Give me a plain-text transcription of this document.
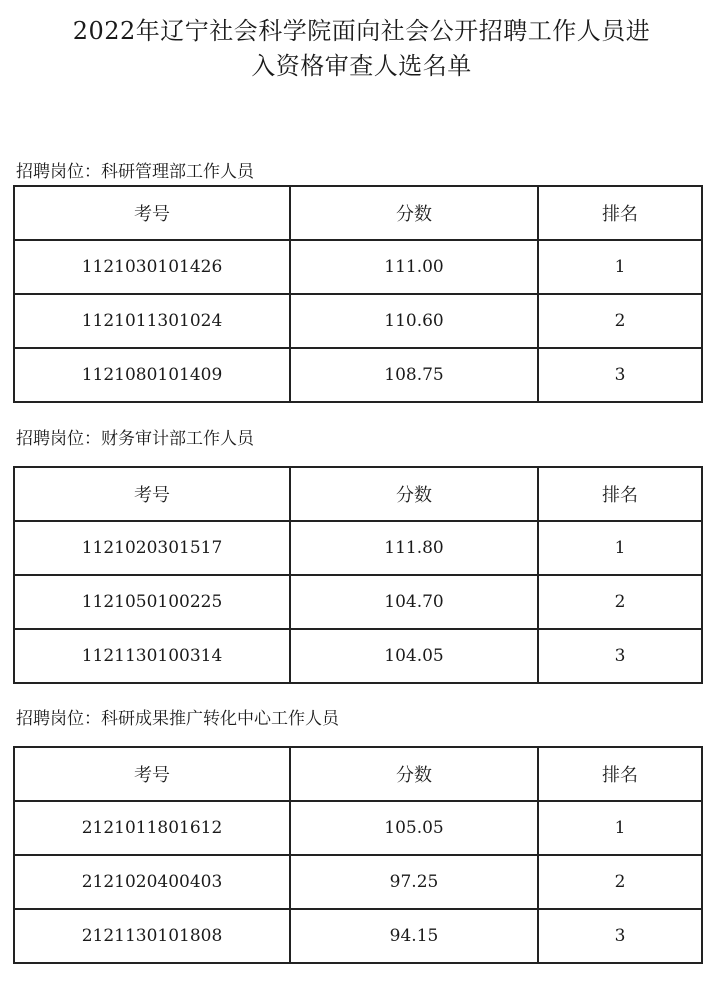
2022年辽宁社会科学院面向社会公开招聘工作人员进
入资格审查人选名单
招聘岗位：科研管理部工作人员
考号	分数	排名
1121030101426	111.00	1
1121011301024	110.60	2
1121080101409	108.75	3
招聘岗位：财务审计部工作人员
考号	分数	排名
1121020301517	111.80	1
1121050100225	104.70	2
1121130100314	104.05	3
招聘岗位：科研成果推广转化中心工作人员
考号	分数	排名
2121011801612	105.05	1
2121020400403	97.25	2
2121130101808	94.15	3
